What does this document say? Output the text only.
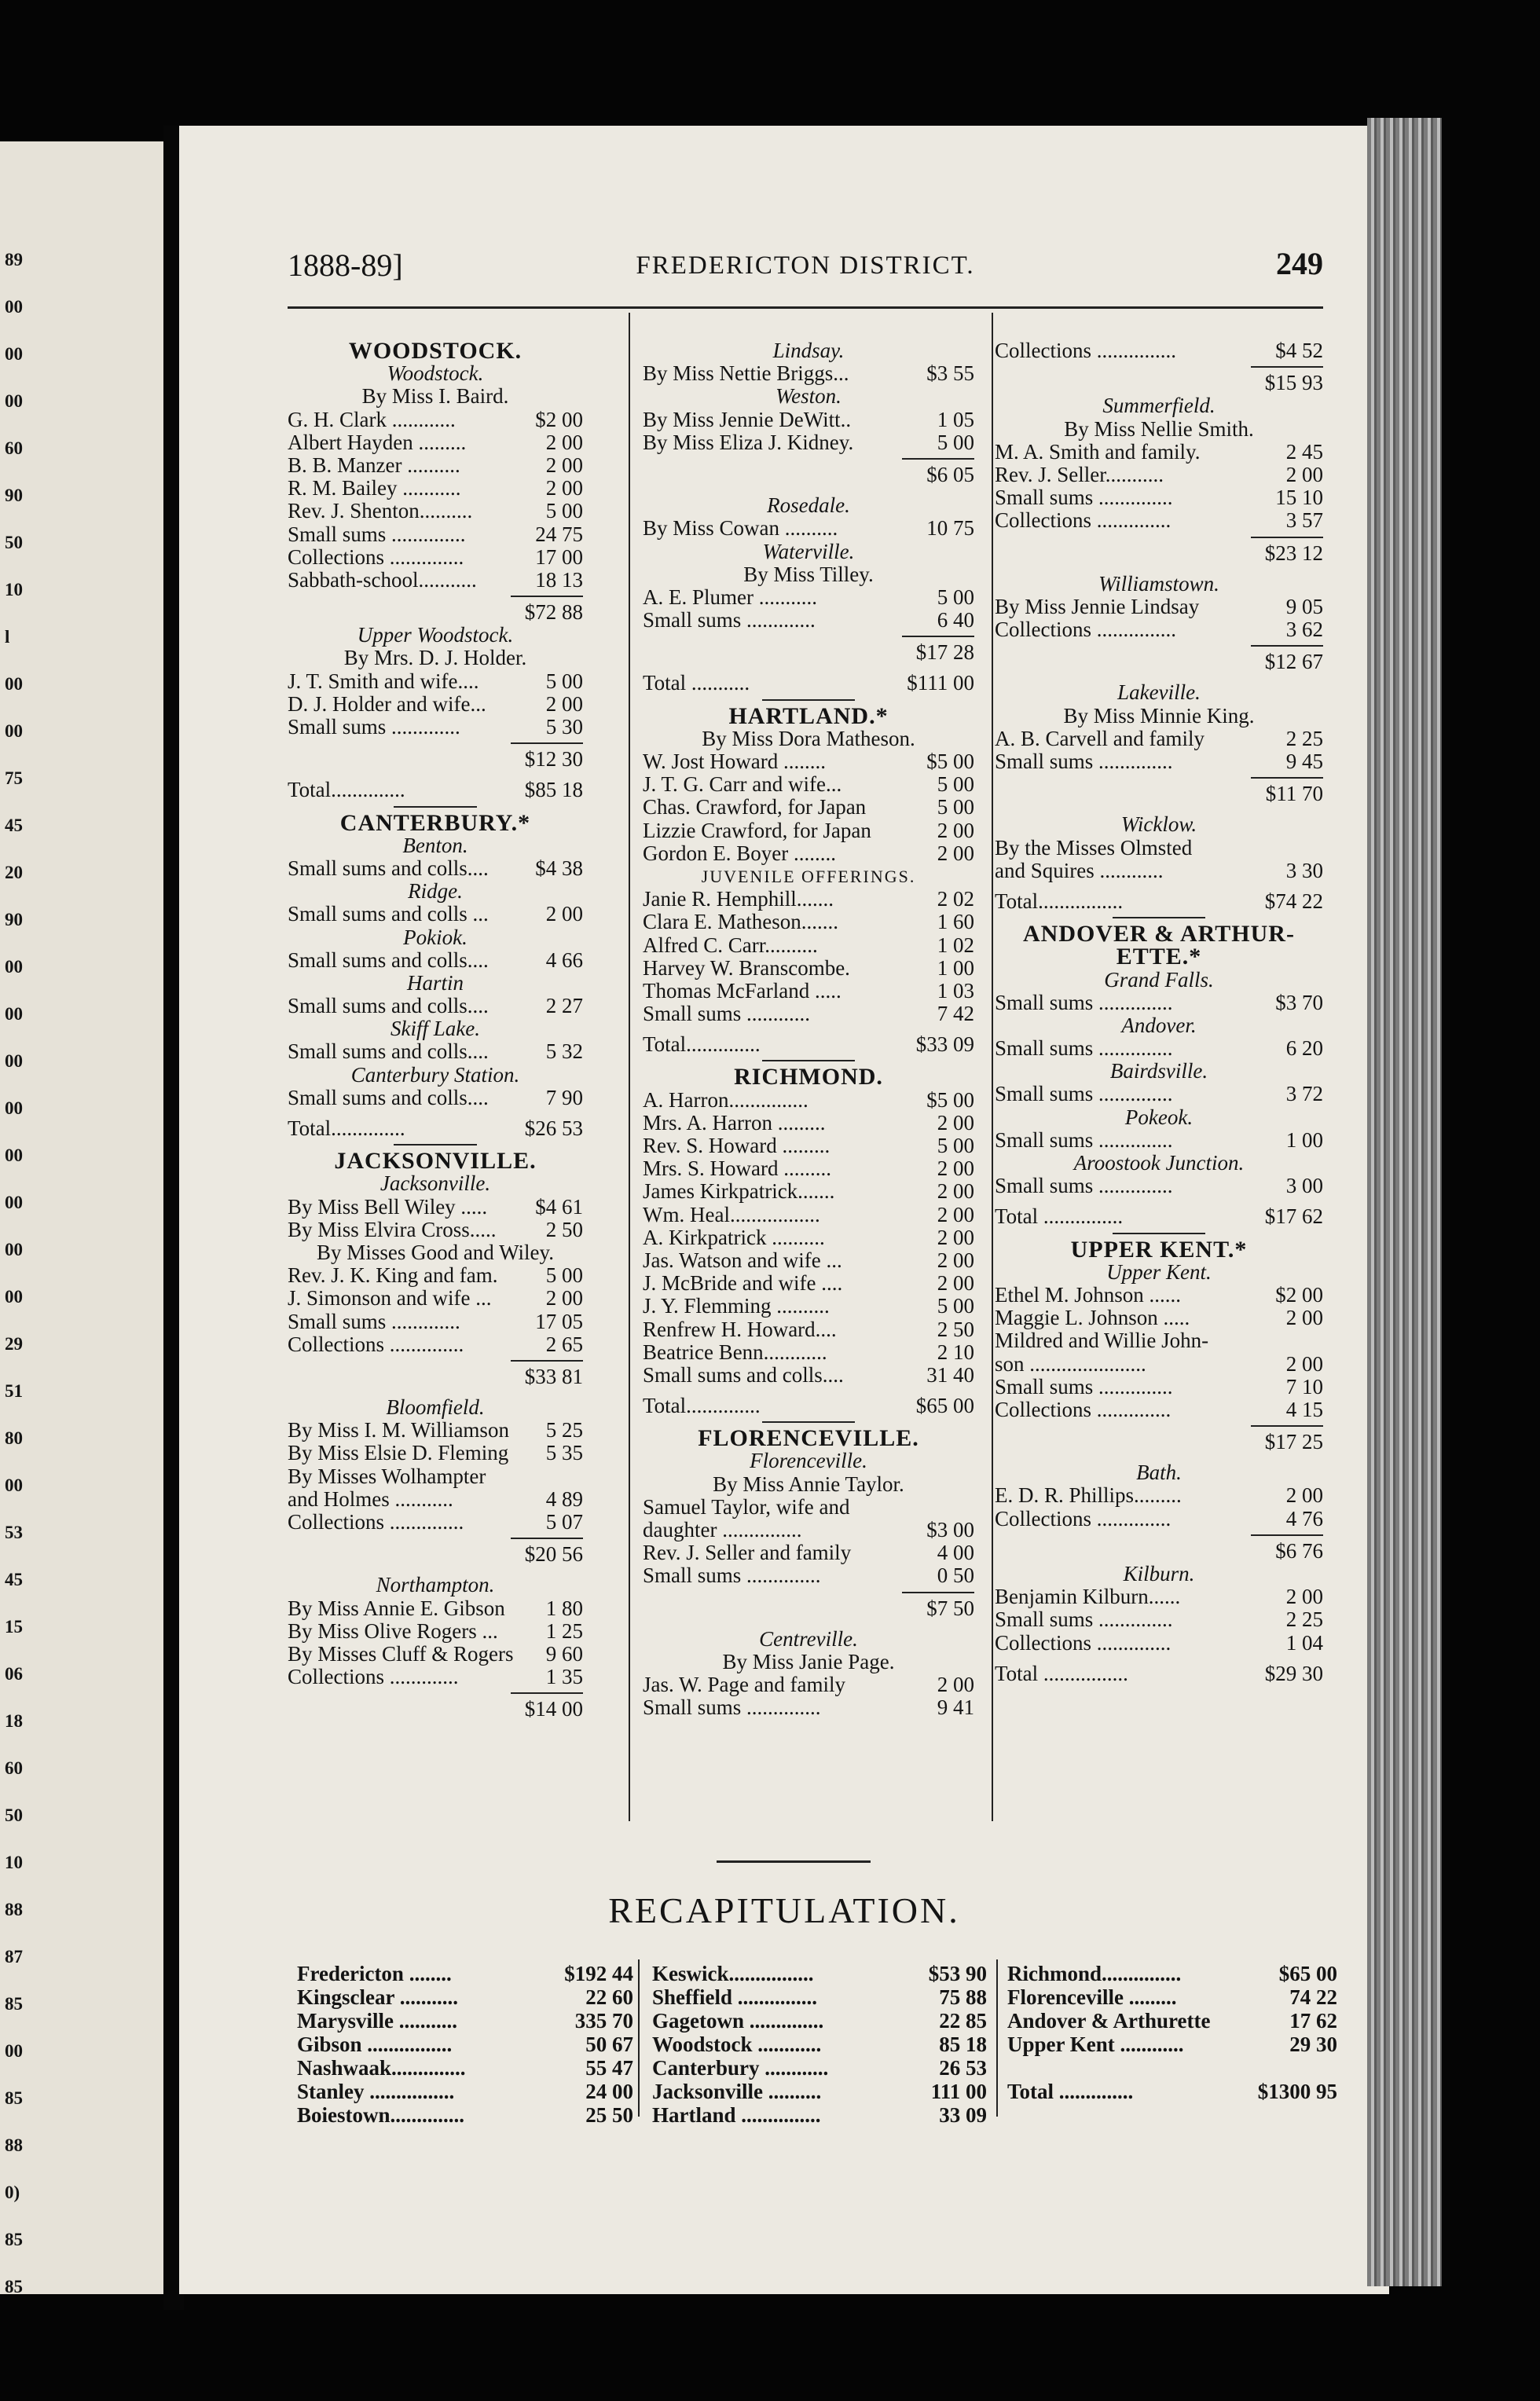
89
00
00
00
60
90
50
10
l
00
00
75
45
20
90
00
00
00
00
00
00
00
00
29
51
80
00
53
45
15
06
18
60
50
10
88
87
85
00
85
88
0)
85
85
1888-89]	FREDERICTON DISTRICT.	249
WOODSTOCK.
Woodstock.
By Miss I. Baird.
G. H. Clark ............	$2 00
Albert Hayden .........	2 00
B. B. Manzer ..........	2 00
R. M. Bailey ...........	2 00
Rev. J. Shenton..........	5 00
Small sums ..............	24 75
Collections ..............	17 00
Sabbath-school...........	18 13
$72 88
Upper Woodstock.
By Mrs. D. J. Holder.
J. T. Smith and wife....	5 00
D. J. Holder and wife...	2 00
Small sums .............	5 30
$12 30
Total..............	$85 18
CANTERBURY.*
Benton.
Small sums and colls.... $4 38
Ridge.
Small sums and colls ...	2 00
Pokiok.
Small sums and colls....	4 66
Hartin
Small sums and colls....	2 27
Skiff Lake.
Small sums and colls....	5 32
Canterbury Station.
Small sums and colls....	7 90
Total..............	$26 53
JACKSONVILLE.
Jacksonville.
By Miss Bell Wiley ..... $4 61
By Miss Elvira Cross..... 2 50
By Misses Good and Wiley.
Rev. J. K. King and fam. 5 00
J. Simonson and wife ...	2 00
Small sums .............	17 05
Collections ..............	2 65
$33 81
Bloomfield.
By Miss I. M. Williamson 5 25
By Miss Elsie D. Fleming 5 35
By Misses Wolhampter
and Holmes ...........	4 89
Collections ..............	5 07
$20 56
Northampton.
By Miss Annie E. Gibson 1 80
By Miss Olive Rogers ... 1 25
By Misses Cluff & Rogers 9 60
Collections .............	1 35
$14 00
Lindsay.
By Miss Nettie Briggs...	$3 55
Weston.
By Miss Jennie DeWitt..	1 05
By Miss Eliza J. Kidney.	5 00
$6 05
Rosedale.
By Miss Cowan ..........	10 75
Waterville.
By Miss Tilley.
A. E. Plumer ...........	5 00
Small sums .............	6 40
$17 28
Total ...........	$111 00
HARTLAND.*
By Miss Dora Matheson.
W. Jost Howard ........	$5 00
J. T. G. Carr and wife...	5 00
Chas. Crawford, for Japan	5 00
Lizzie Crawford, for Japan	2 00
Gordon E. Boyer ........	2 00
JUVENILE OFFERINGS.
Janie R. Hemphill.......	2 02
Clara E. Matheson.......	1 60
Alfred C. Carr..........	1 02
Harvey W. Branscombe.	1 00
Thomas McFarland .....	1 03
Small sums ............	7 42
Total..............	$33 09
RICHMOND.
A. Harron...............	$5 00
Mrs. A. Harron .........	2 00
Rev. S. Howard .........	5 00
Mrs. S. Howard .........	2 00
James Kirkpatrick.......	2 00
Wm. Heal.................	2 00
A. Kirkpatrick ..........	2 00
Jas. Watson and wife ...	2 00
J. McBride and wife ....	2 00
J. Y. Flemming ..........	5 00
Renfrew H. Howard....	2 50
Beatrice Benn............	2 10
Small sums and colls....	31 40
Total..............	$65 00
FLORENCEVILLE.
Florenceville.
By Miss Annie Taylor.
Samuel Taylor, wife and
daughter ...............	$3 00
Rev. J. Seller and family	4 00
Small sums ..............	0 50
$7 50
Centreville.
By Miss Janie Page.
Jas. W. Page and family	2 00
Small sums ..............	9 41
Collections ...............	$4 52
$15 93
Summerfield.
By Miss Nellie Smith.
M. A. Smith and family.	2 45
Rev. J. Seller...........	2 00
Small sums ..............	15 10
Collections ..............	3 57
$23 12
Williamstown.
By Miss Jennie Lindsay	9 05
Collections ...............	3 62
$12 67
Lakeville.
By Miss Minnie King.
A. B. Carvell and family	2 25
Small sums ..............	9 45
$11 70
Wicklow.
By the Misses Olmsted
and Squires ............	3 30
Total................	$74 22
ANDOVER & ARTHUR-
ETTE.*
Grand Falls.
Small sums ..............	$3 70
Andover.
Small sums ..............	6 20
Bairdsville.
Small sums ..............	3 72
Pokeok.
Small sums ..............	1 00
Aroostook Junction.
Small sums ..............	3 00
Total ...............	$17 62
UPPER KENT.*
Upper Kent.
Ethel M. Johnson ......	$2 00
Maggie L. Johnson .....	2 00
Mildred and Willie John-
son ......................	2 00
Small sums ..............	7 10
Collections ..............	4 15
$17 25
Bath.
E. D. R. Phillips.........	2 00
Collections ..............	4 76
$6 76
Kilburn.
Benjamin Kilburn......	2 00
Small sums ..............	2 25
Collections ..............	1 04
Total ................	$29 30
RECAPITULATION.
Fredericton ........	$192 44
Kingsclear ...........	22 60
Marysville ...........	335 70
Gibson ................	50 67
Nashwaak..............	55 47
Stanley ................	24 00
Boiestown..............	25 50
Keswick................	$53 90
Sheffield ...............	75 88
Gagetown ..............	22 85
Woodstock ............	85 18
Canterbury ............	26 53
Jacksonville ..........	111 00
Hartland ...............	33 09
Richmond...............	$65 00
Florenceville .........	74 22
Andover & Arthurette	17 62
Upper Kent ............	29 30
Total ..............	$1300 95
